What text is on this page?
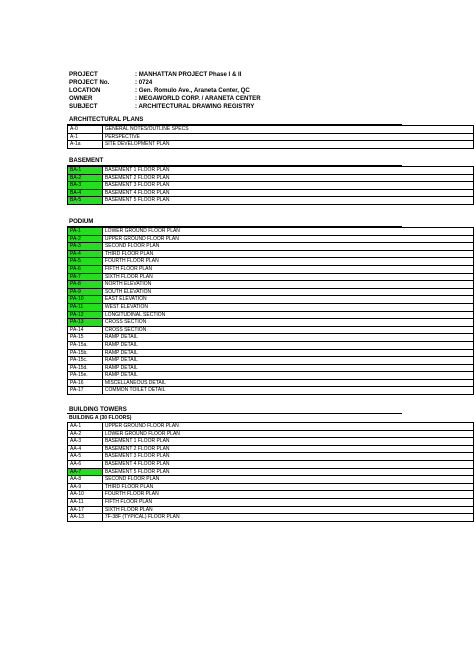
PROJECT	: MANHATTAN PROJECT Phase I & II
PROJECT No.	: 0724
LOCATION	: Gen. Romulo Ave., Araneta Center, QC
OWNER	: MEGAWORLD CORP. / ARANETA CENTER
SUBJECT	: ARCHITECTURAL DRAWING REGISTRY
ARCHITECTURAL PLANS
BASEMENT
PODIUM
BUILDING TOWERS
BUILDING A (30 FLOORS)
A-0	GENERAL NOTES/OUTLINE SPECS
A-1	PERSPECTIVE
A-1a	SITE DEVELOPMENT PLAN
BA-1	BASEMENT 1 FLOOR PLAN
BA-2	BASEMENT 2 FLOOR PLAN
BA-3	BASEMENT 3 FLOOR PLAN
BA-4	BASEMENT 4 FLOOR PLAN
BA-5	BASEMENT 5 FLOOR PLAN
PA-1	LOWER GROUND FLOOR PLAN
PA-2	UPPER GROUND FLOOR PLAN
PA-3	SECOND FLOOR PLAN
PA-4	THIRD FLOOR PLAN
PA-5	FOURTH FLOOR PLAN
PA-6	FIFTH FLOOR PLAN
PA-7	SIXTH FLOOR PLAN
PA-8	NORTH ELEVATION
PA-9	SOUTH ELEVATION
PA-10	EAST ELEVATION
PA-11	WEST ELEVATION
PA-12	LONGITUDINAL SECTION
PA-13	CROSS SECTION
PA-14	CROSS SECTION
PA-15	RAMP DETAIL
PA-15a.	RAMP DETAIL
PA-15b.	RAMP DETAIL
PA-15c.	RAMP DETAIL
PA-15d.	RAMP DETAIL
PA-15e.	RAMP DETAIL
PA-16	MISCELLANEOUS DETAIL
PA-17	COMMON TOILET DETAIL
AA-1	UPPER GROUND FLOOR PLAN
AA-2	LOWER GROUND FLOOR PLAN
AA-3	BASEMENT 1 FLOOR PLAN
AA-4	BASEMENT 2 FLOOR PLAN
AA-5	BASEMENT 3 FLOOR PLAN
AA-6	BASEMENT 4 FLOOR PLAN
AA-7	BASEMENT 5 FLOOR PLAN
AA-8	SECOND FLOOR PLAN
AA-9	THIRD FLOOR PLAN
AA-10	FOURTH FLOOR PLAN
AA-11	FIFTH FLOOR PLAN
AA-17	SIXTH FLOOR PLAN
AA-13	7F-38F (TYPICAL) FLOOR PLAN
